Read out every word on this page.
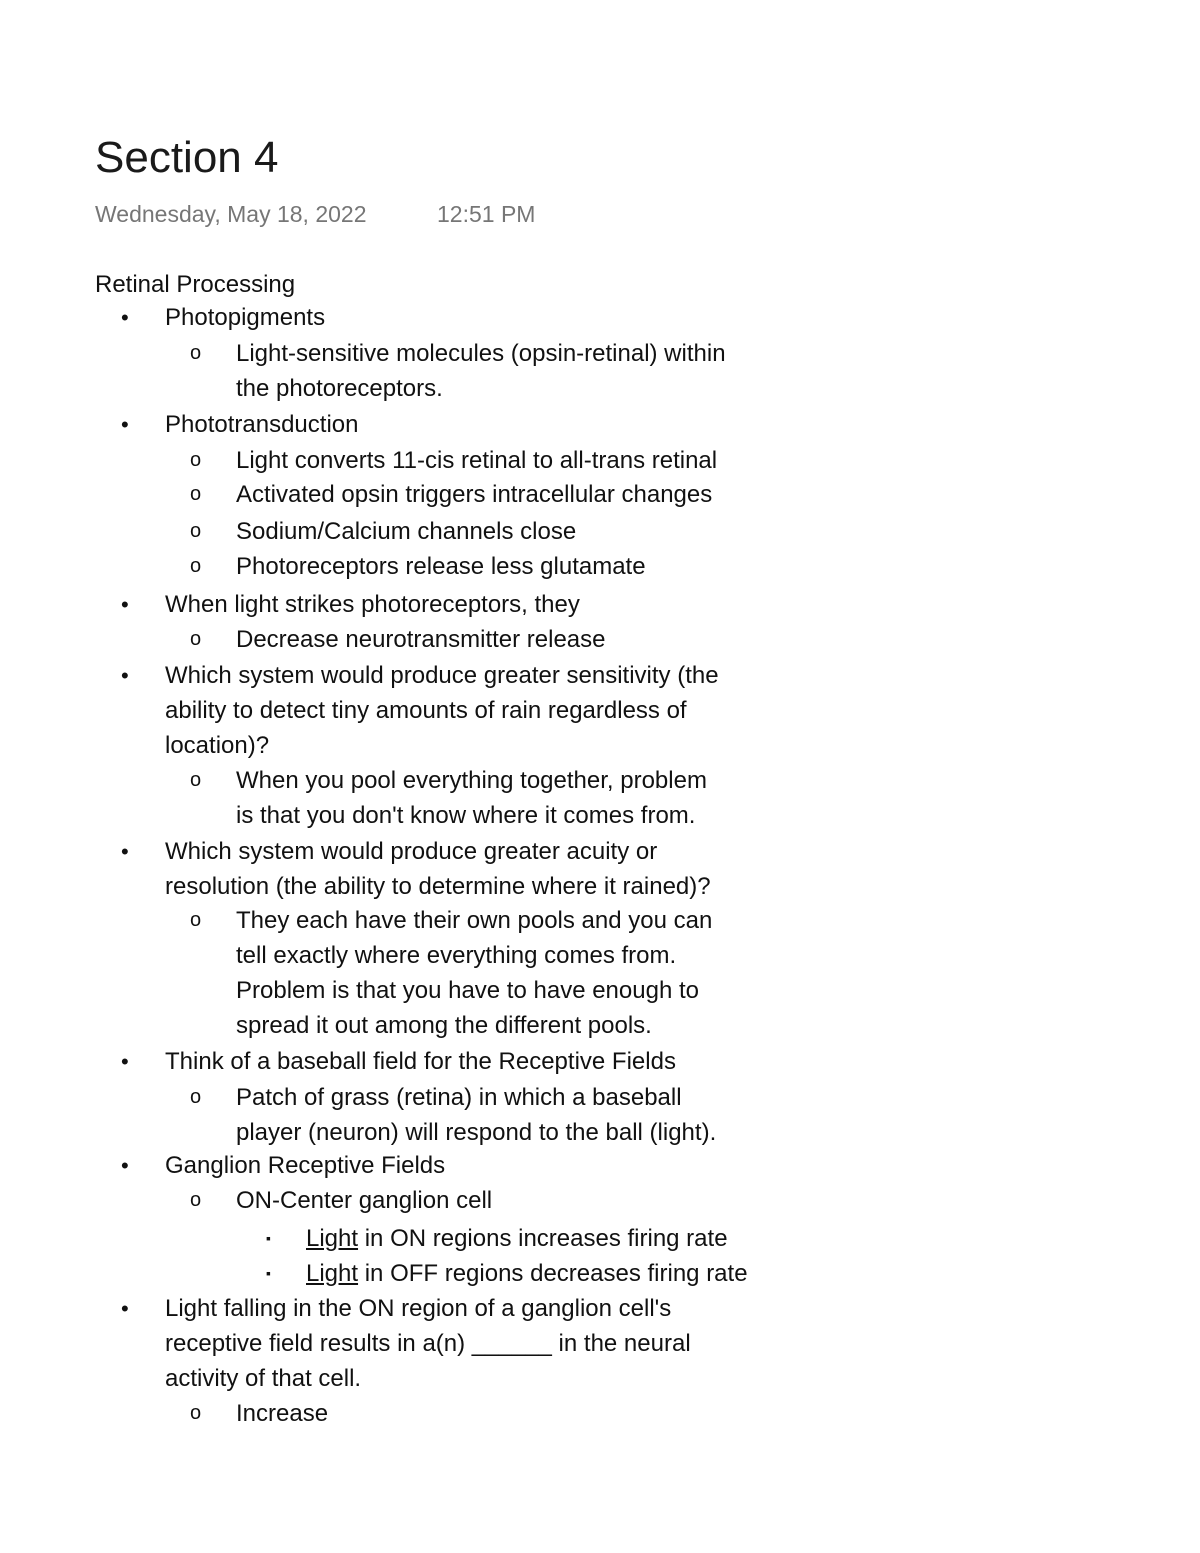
Section 4
Wednesday, May 18, 2022	12:51 PM
Retinal Processing
• Photopigments
o Light-sensitive molecules (opsin-retinal) within
the photoreceptors.
• Phototransduction
o Light converts 11-cis retinal to all-trans retinal
o Activated opsin triggers intracellular changes
o Sodium/Calcium channels close
o Photoreceptors release less glutamate
• When light strikes photoreceptors, they
o Decrease neurotransmitter release
• Which system would produce greater sensitivity (the
ability to detect tiny amounts of rain regardless of
location)?
o When you pool everything together, problem
is that you don't know where it comes from.
• Which system would produce greater acuity or
resolution (the ability to determine where it rained)?
o They each have their own pools and you can
tell exactly where everything comes from.
Problem is that you have to have enough to
spread it out among the different pools.
• Think of a baseball field for the Receptive Fields
o Patch of grass (retina) in which a baseball
player (neuron) will respond to the ball (light).
• Ganglion Receptive Fields
o ON-Center ganglion cell
▪ Light in ON regions increases firing rate
▪ Light in OFF regions decreases firing rate
• Light falling in the ON region of a ganglion cell's
receptive field results in a(n) ______ in the neural
activity of that cell.
o Increase
